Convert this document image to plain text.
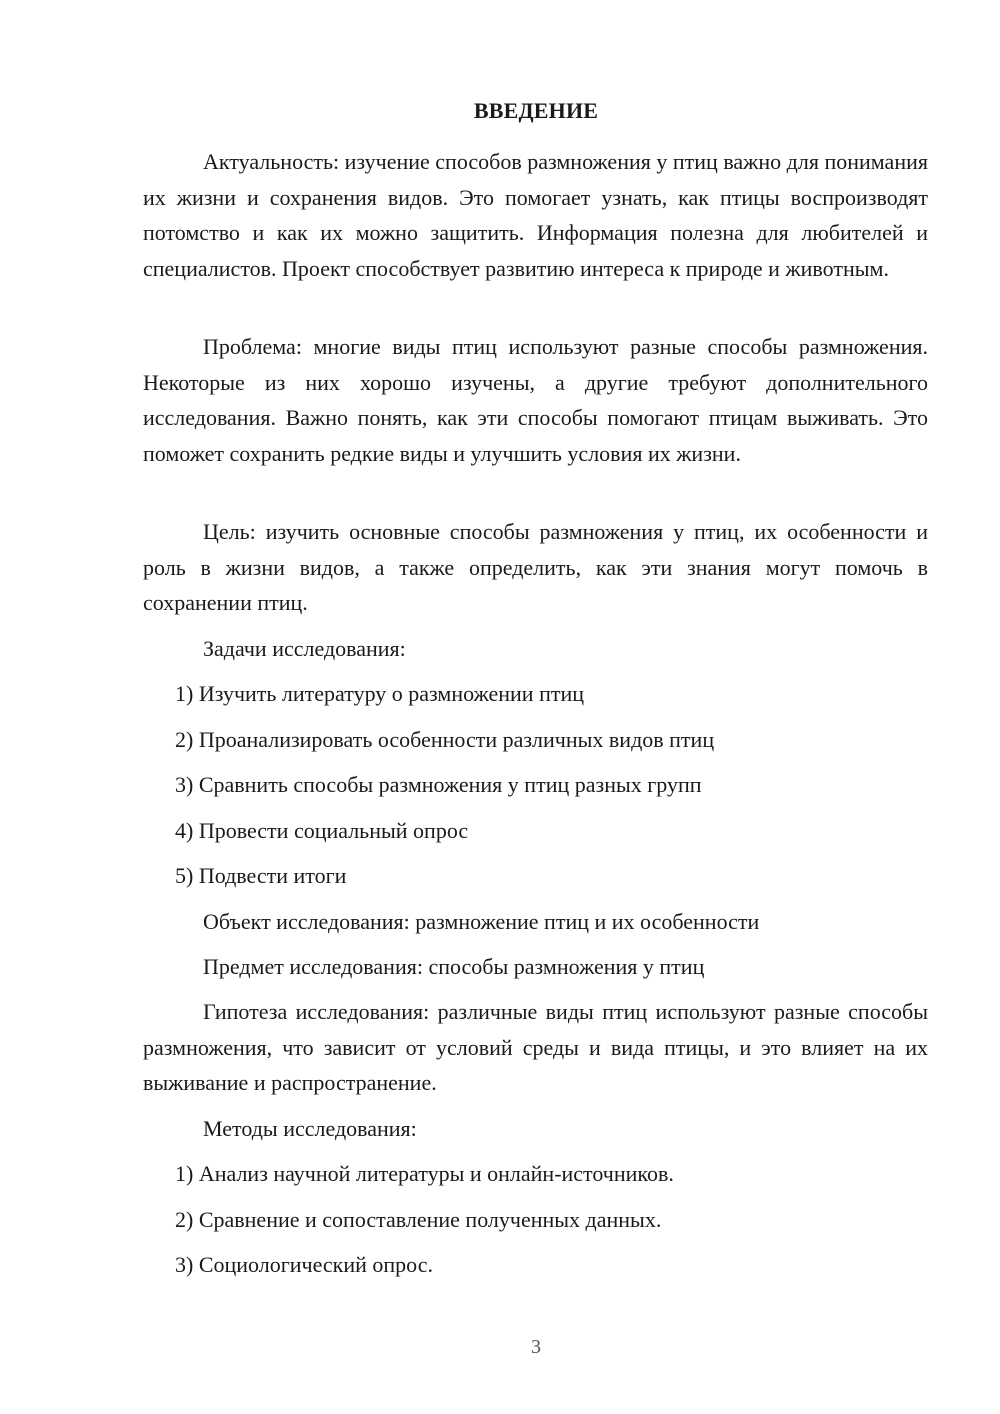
ВВЕДЕНИЕ

Актуальность: изучение способов размножения у птиц важно для понимания их жизни и сохранения видов. Это помогает узнать, как птицы воспроизводят потомство и как их можно защитить. Информация полезна для любителей и специалистов. Проект способствует развитию интереса к природе и животным.

Проблема: многие виды птиц используют разные способы размножения. Некоторые из них хорошо изучены, а другие требуют дополнительного исследования. Важно понять, как эти способы помогают птицам выживать. Это поможет сохранить редкие виды и улучшить условия их жизни.

Цель: изучить основные способы размножения у птиц, их особенности и роль в жизни видов, а также определить, как эти знания могут помочь в сохранении птиц.

Задачи исследования:
1) Изучить литературу о размножении птиц
2) Проанализировать особенности различных видов птиц
3) Сравнить способы размножения у птиц разных групп
4) Провести социальный опрос
5) Подвести итоги
Объект исследования: размножение птиц и их особенности
Предмет исследования: способы размножения у птиц

Гипотеза исследования: различные виды птиц используют разные способы размножения, что зависит от условий среды и вида птицы, и это влияет на их выживание и распространение.

Методы исследования:
1) Анализ научной литературы и онлайн-источников.
2) Сравнение и сопоставление полученных данных.
3) Социологический опрос.
3
